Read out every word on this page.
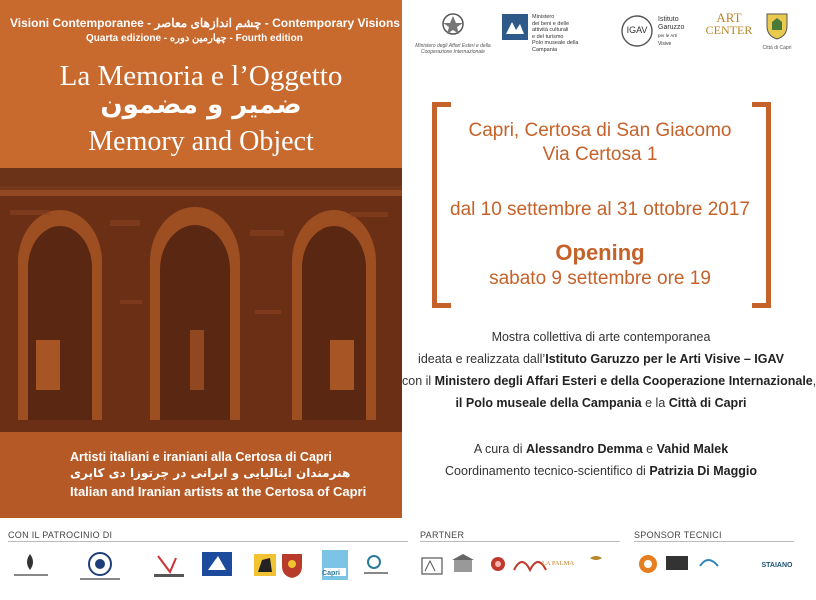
Visioni Contemporanee - چشم اندازهای معاصر - Contemporary Visions
Quarta edizione - چهارمین دوره - Fourth edition
La Memoria e l’Oggetto
ضمیر و مضمون
Memory and Object
Artisti italiani e iraniani alla Certosa di Capri
هنرمندان ایتالیایی و ایرانی در چرتوزا دی کاپری
Italian and Iranian artists at the Certosa of Capri
Ministero degli Affari Esteri e della Cooperazione Internazionale
Ministero
dei beni e delle
attività culturali
e del turismo
Polo museale della Campania
IGAV
Istituto
Garuzzo
per le Arti
Visive
ART
CENTER
Città di Capri
Capri, Certosa di San Giacomo
Via Certosa 1
dal 10 settembre al 31 ottobre 2017
Opening
sabato 9 settembre ore 19
Mostra collettiva di arte contemporanea
ideata e realizzata dall’Istituto Garuzzo per le Arti Visive – IGAV
con il Ministero degli Affari Esteri e della Cooperazione Internazionale,
il Polo museale della Campania e la Città di Capri
A cura di Alessandro Demma e Vahid Malek
Coordinamento tecnico-scientifico di Patrizia Di Maggio
CON IL PATROCINIO DI	PARTNER	SPONSOR TECNICI
Capri
LA PALMA	STAIANO
